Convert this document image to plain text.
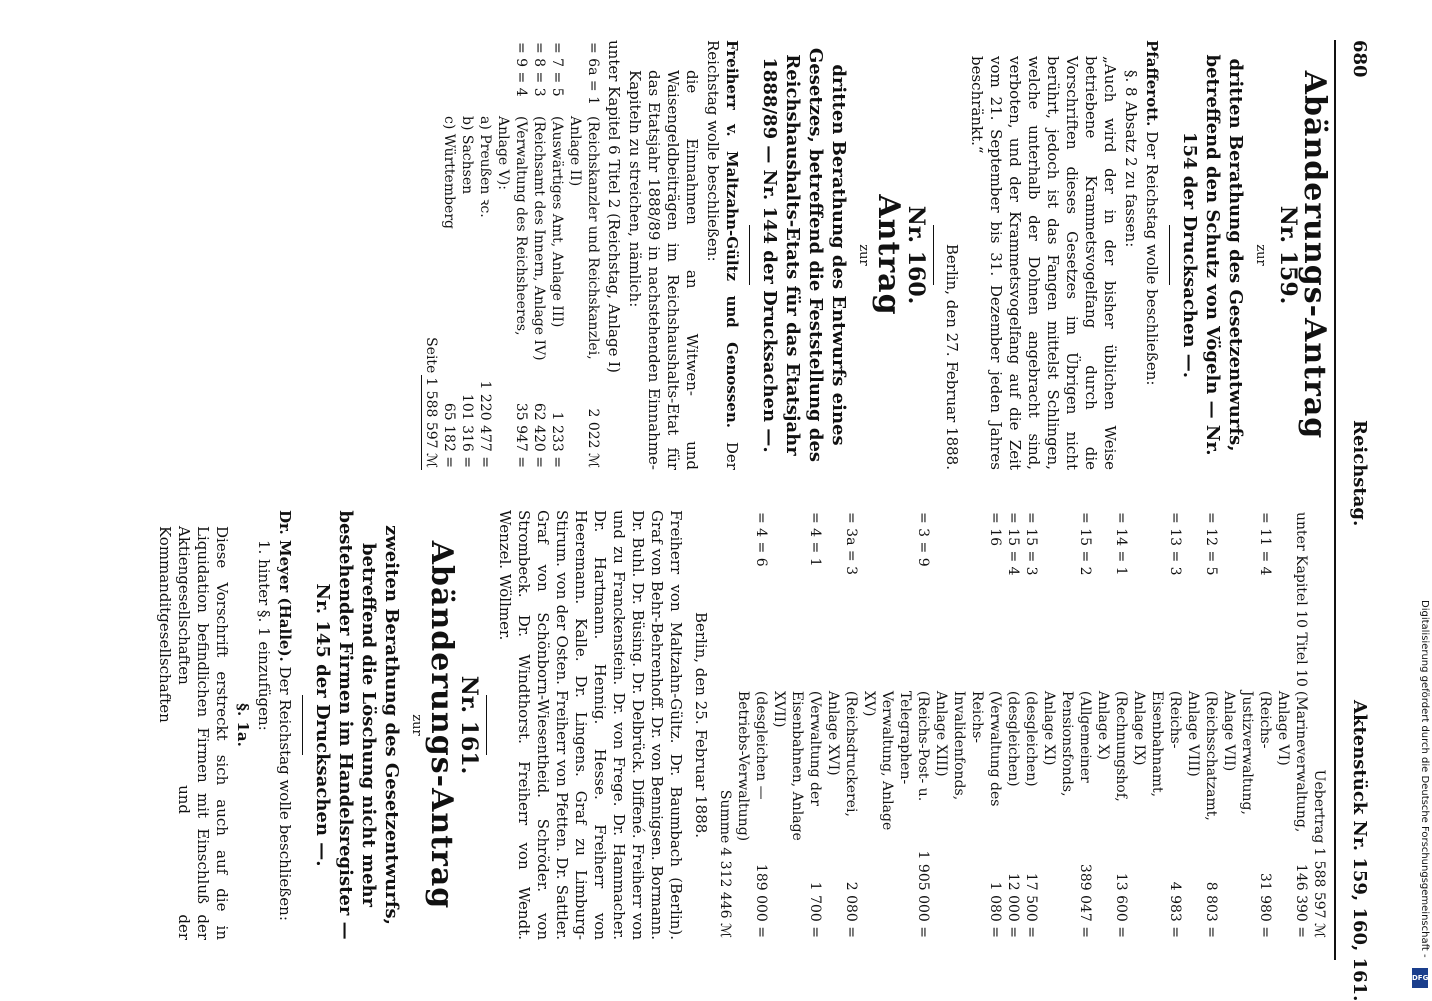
680
Reichstag.
Aktenstück Nr. 159, 160, 161.
Abänderungs-Antrag
Nr. 159.
zur
dritten Berathung des Gesetzentwurfs, betreffend den Schutz von Vögeln — Nr. 154 der Drucksachen —.

Pfafferott. Der Reichstag wolle beschließen:

§. 8 Absatz 2 zu fassen:

„Auch wird der in der bisher üblichen Weise betriebene Krammetsvogelfang durch die Vorschriften dieses Gesetzes im Übrigen nicht berührt, jedoch ist das Fangen mittelst Schlingen, welche unterhalb der Dohnen angebracht sind, verboten, und der Krammetsvogelfang auf die Zeit vom 21. September bis 31. Dezember jeden Jahres beschränkt.“

Berlin, den 27. Februar 1888.
Nr. 160.
Antrag
zur
dritten Berathung des Entwurfs eines Gesetzes, betreffend die Feststellung des Reichshaushalts-Etats für das Etatsjahr 1888/89 — Nr. 144 der Drucksachen —.

Freiherr v. Maltzahn-Gültz und Genossen. Der Reichstag wolle beschließen:

die Einnahmen an Witwen- und Waisengeldbeiträgen im Reichshaushalts-Etat für das Etatsjahr 1888/89 in nachstehenden Einnahme-Kapiteln zu streichen, nämlich:

unter Kapitel 6 Titel 2 (Reichstag, Anlage I)

= 6a = 1	(Reichskanzler und Reichskanzlei, Anlage II)	2 022 ℳ
= 7 = 5	(Auswärtiges Amt, Anlage III)	1 233 =
= 8 = 3	(Reichsamt des Innern, Anlage IV)	62 420 =
= 9 = 4	(Verwaltung des Reichsheeres, Anlage V):	35 947 =
	a) Preußen ꝛc.	1 220 477 =
	b) Sachsen	101 316 =
	c) Württemberg	65 182 =
	Seite	1 588 597 ℳ
	Uebertrag	1 588 597 ℳ
unter Kapitel 10 Titel 10	(Marineverwaltung, Anlage VI)	146 390 =
= 11 = 4	(Reichs-Justizverwaltung, Anlage VII)	31 980 =
= 12 = 5	(Reichsschatzamt, Anlage VIII)	8 803 =
= 13 = 3	(Reichs-Eisenbahnamt, Anlage IX)	4 983 =
= 14 = 1	(Rechnungshof, Anlage X)	13 600 =
= 15 = 2	(Allgemeiner Pensionsfonds, Anlage XI)	389 047 =
= 15 = 3	(desgleichen)	17 500 =
= 15 = 4	(desgleichen)	12 000 =
= 16	(Verwaltung des Reichs-Invalidenfonds, Anlage XIII)	1 080 =
= 3 = 9	(Reichs-Post- u. Telegraphen-Verwaltung, Anlage XV)	1 905 000 =
= 3a = 3	(Reichsdruckerei, Anlage XVI)	2 080 =
= 4 = 1	(Verwaltung der Eisenbahnen, Anlage XVII)	1 700 =
= 4 = 6	(desgleichen — Betriebs-Verwaltung)	189 000 =
	Summe	4 312 446 ℳ
Berlin, den 25. Februar 1888.

Freiherr von Maltzahn-Gültz. Dr. Baumbach (Berlin). Graf von Behr-Behrenhoff. Dr. von Bennigsen. Bormann. Dr. Buhl. Dr. Büsing. Dr. Delbrück. Diffené. Freiherr von und zu Franckenstein. Dr. von Frege. Dr. Hammacher. Dr. Hartmann. Hennig. Hesse. Freiherr von Heeremann. Kalle. Dr. Lingens. Graf zu Limburg-Stirum. von der Osten. Freiherr von Pfetten. Dr. Sattler. Graf von Schönborn-Wiesentheid. Schröder. von Strombeck. Dr. Windthorst. Freiherr von Wendt. Wenzel. Wöllmer.

Nr. 161.
Abänderungs-Antrag
zur
zweiten Berathung des Gesetzentwurfs, betreffend die Löschung nicht mehr bestehender Firmen im Handelsregister — Nr. 145 der Drucksachen —.

Dr. Meyer (Halle). Der Reichstag wolle beschließen:

1. hinter §. 1 einzufügen:

§. 1a.

Diese Vorschrift erstreckt sich auch auf die in Liquidation befindlichen Firmen mit Einschluß der Aktiengesellschaften und der Kommanditgesellschaften	Digitalisierung gefördert durch die Deutsche Forschungsgemeinschaft -
DFG
